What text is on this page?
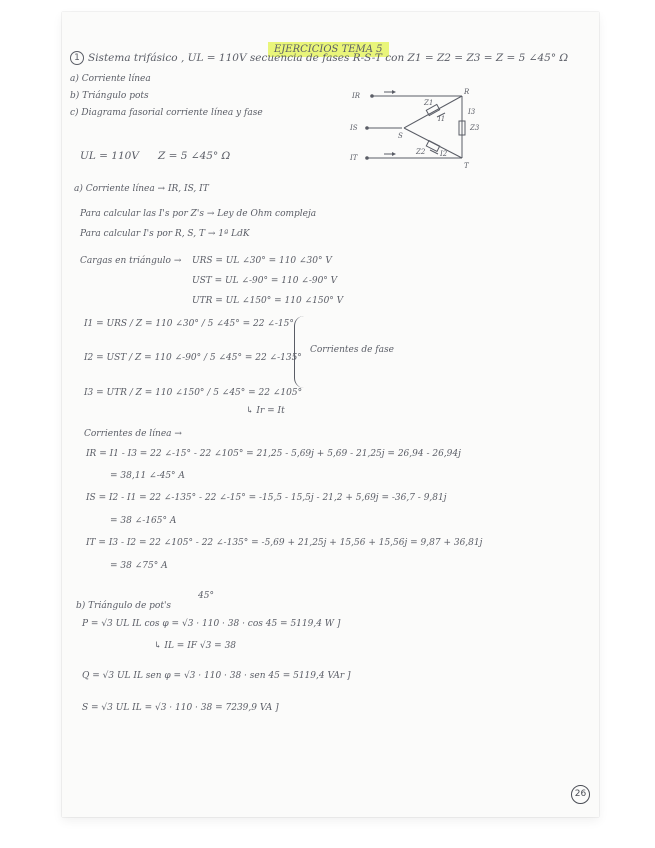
EJERCICIOS TEMA 5
1 Sistema trifásico , UL = 110V secuencia de fases R-S-T con Z1 = Z2 = Z3 = Z = 5 ∠45° Ω
a) Corriente línea
b) Triángulo pots
c) Diagrama fasorial corriente línea y fase
IR
IS
IT
R
S
T
Z1
I1
Z2 I2
I3
Z3
UL = 110V Z = 5 ∠45° Ω
a) Corriente línea → IR, IS, IT
Para calcular las I's por Z's → Ley de Ohm compleja
Para calcular I's por R, S, T → 1ª LdK
Cargas en triángulo → URS = UL ∠30° = 110 ∠30° V
UST = UL ∠-90° = 110 ∠-90° V
UTR = UL ∠150° = 110 ∠150° V
I1 = URS / Z = 110 ∠30° / 5 ∠45° = 22 ∠-15°
I2 = UST / Z = 110 ∠-90° / 5 ∠45° = 22 ∠-135°
I3 = UTR / Z = 110 ∠150° / 5 ∠45° = 22 ∠105°
↳ Ir = It
Corrientes de fase
Corrientes de línea →
IR = I1 - I3 = 22 ∠-15° - 22 ∠105° = 21,25 - 5,69j + 5,69 - 21,25j = 26,94 - 26,94j
= 38,11 ∠-45° A
IS = I2 - I1 = 22 ∠-135° - 22 ∠-15° = -15,5 - 15,5j - 21,2 + 5,69j = -36,7 - 9,81j
= 38 ∠-165° A
IT = I3 - I2 = 22 ∠105° - 22 ∠-135° = -5,69 + 21,25j + 15,56 + 15,56j = 9,87 + 36,81j
= 38 ∠75° A
45°
b) Triángulo de pot's
P = √3 UL IL cos φ = √3 · 110 · 38 · cos 45 = 5119,4 W ]
↳ IL = IF √3 = 38
Q = √3 UL IL sen φ = √3 · 110 · 38 · sen 45 = 5119,4 VAr ]
S = √3 UL IL = √3 · 110 · 38 = 7239,9 VA ]
26
